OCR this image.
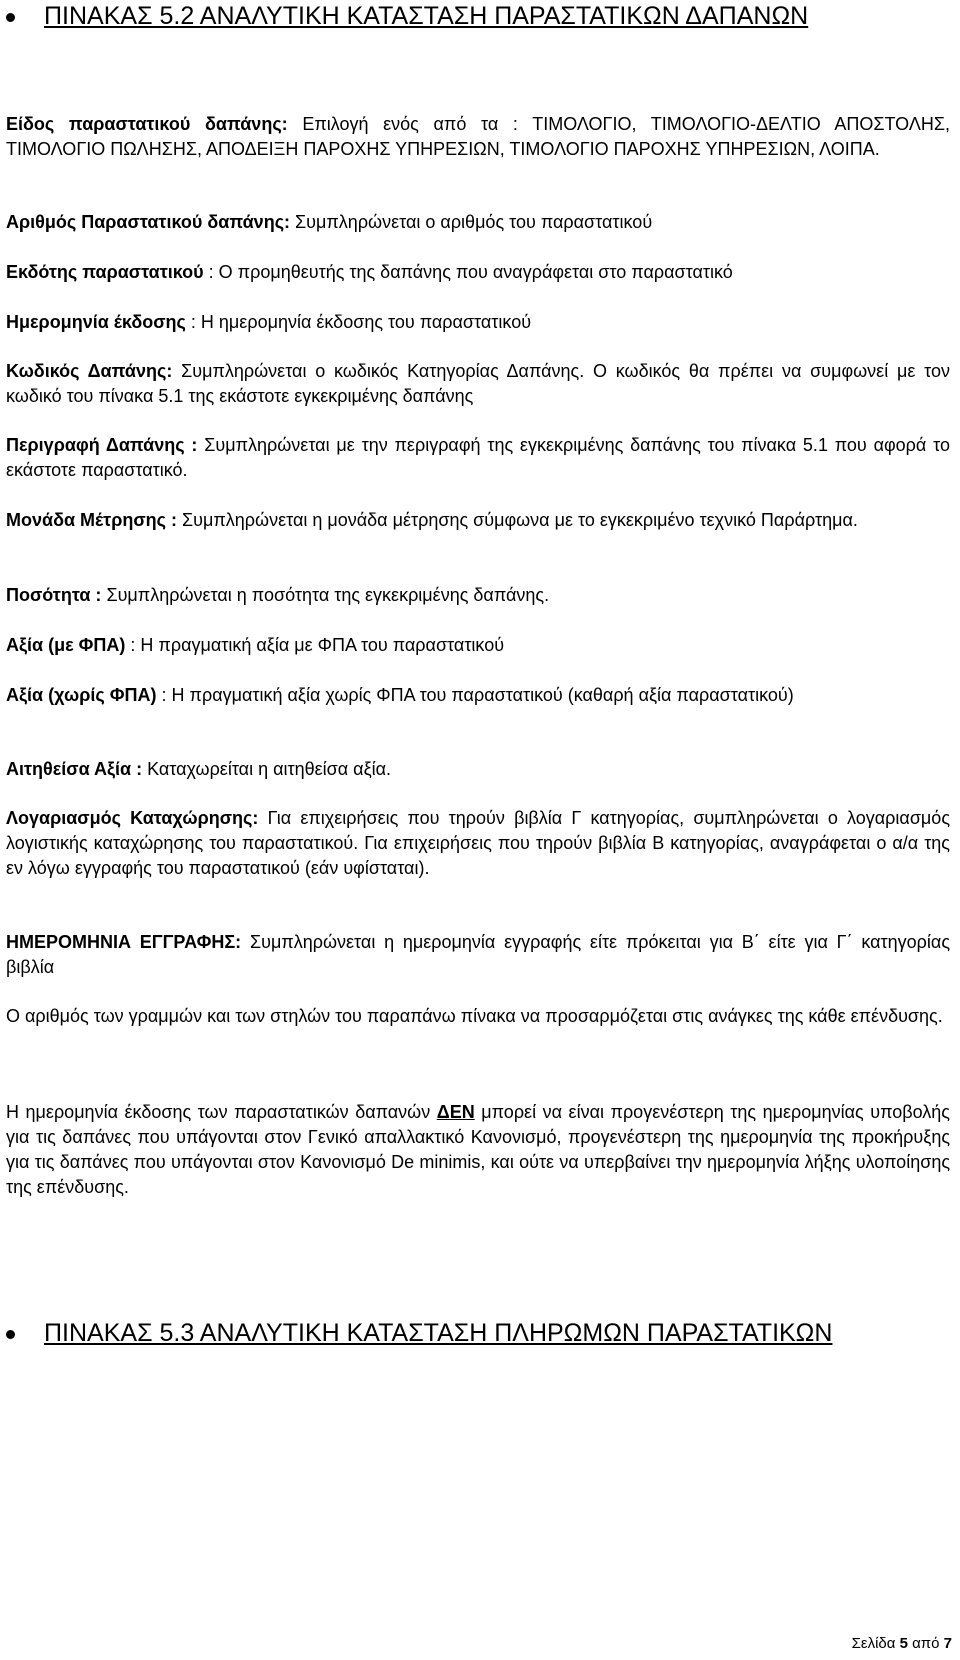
ΠΙΝΑΚΑΣ 5.2 ΑΝΑΛΥΤΙΚΗ ΚΑΤΑΣΤΑΣΗ ΠΑΡΑΣΤΑΤΙΚΩΝ ΔΑΠΑΝΩΝ
Είδος παραστατικού δαπάνης: Επιλογή ενός από τα : ΤΙΜΟΛΟΓΙΟ, ΤΙΜΟΛΟΓΙΟ-ΔΕΛΤΙΟ ΑΠΟΣΤΟΛΗΣ, ΤΙΜΟΛΟΓΙΟ ΠΩΛΗΣΗΣ, ΑΠΟΔΕΙΞΗ ΠΑΡΟΧΗΣ ΥΠΗΡΕΣΙΩΝ, ΤΙΜΟΛΟΓΙΟ ΠΑΡΟΧΗΣ ΥΠΗΡΕΣΙΩΝ, ΛΟΙΠΑ.
Αριθμός Παραστατικού δαπάνης: Συμπληρώνεται ο αριθμός του παραστατικού
Εκδότης παραστατικού : Ο προμηθευτής της δαπάνης που αναγράφεται στο παραστατικό
Ημερομηνία έκδοσης : Η ημερομηνία έκδοσης του παραστατικού
Κωδικός Δαπάνης: Συμπληρώνεται ο κωδικός Κατηγορίας Δαπάνης. Ο κωδικός θα πρέπει να συμφωνεί με τον κωδικό του πίνακα 5.1 της εκάστοτε εγκεκριμένης δαπάνης
Περιγραφή Δαπάνης : Συμπληρώνεται με την περιγραφή της εγκεκριμένης δαπάνης του πίνακα 5.1 που αφορά το εκάστοτε παραστατικό.
Μονάδα Μέτρησης : Συμπληρώνεται η μονάδα μέτρησης σύμφωνα με το εγκεκριμένο τεχνικό Παράρτημα.
Ποσότητα : Συμπληρώνεται η ποσότητα της εγκεκριμένης δαπάνης.
Αξία (με ΦΠΑ) : Η πραγματική αξία με ΦΠΑ του παραστατικού
Αξία (χωρίς ΦΠΑ) : Η πραγματική αξία χωρίς ΦΠΑ του παραστατικού (καθαρή αξία παραστατικού)
Αιτηθείσα Αξία : Καταχωρείται η αιτηθείσα αξία.
Λογαριασμός Καταχώρησης: Για επιχειρήσεις που τηρούν βιβλία Γ κατηγορίας, συμπληρώνεται ο λογαριασμός λογιστικής καταχώρησης του παραστατικού. Για επιχειρήσεις που τηρούν βιβλία Β κατηγορίας, αναγράφεται ο α/α της εν λόγω εγγραφής του παραστατικού (εάν υφίσταται).
ΗΜΕΡΟΜΗΝΙΑ ΕΓΓΡΑΦΗΣ: Συμπληρώνεται η ημερομηνία εγγραφής είτε πρόκειται για Β΄ είτε για Γ΄ κατηγορίας βιβλία
Ο αριθμός των γραμμών και των στηλών του παραπάνω πίνακα να προσαρμόζεται στις ανάγκες της κάθε επένδυσης.
Η ημερομηνία έκδοσης των παραστατικών δαπανών ΔΕΝ μπορεί να είναι προγενέστερη της ημερομηνίας υποβολής για τις δαπάνες που υπάγονται στον Γενικό απαλλακτικό Κανονισμό, προγενέστερη της ημερομηνία της προκήρυξης για τις δαπάνες που υπάγονται στον Κανονισμό De minimis, και ούτε να υπερβαίνει την ημερομηνία λήξης υλοποίησης της επένδυσης.
ΠΙΝΑΚΑΣ 5.3 ΑΝΑΛΥΤΙΚΗ ΚΑΤΑΣΤΑΣΗ ΠΛΗΡΩΜΩΝ ΠΑΡΑΣΤΑΤΙΚΩΝ
Σελίδα 5 από 7
